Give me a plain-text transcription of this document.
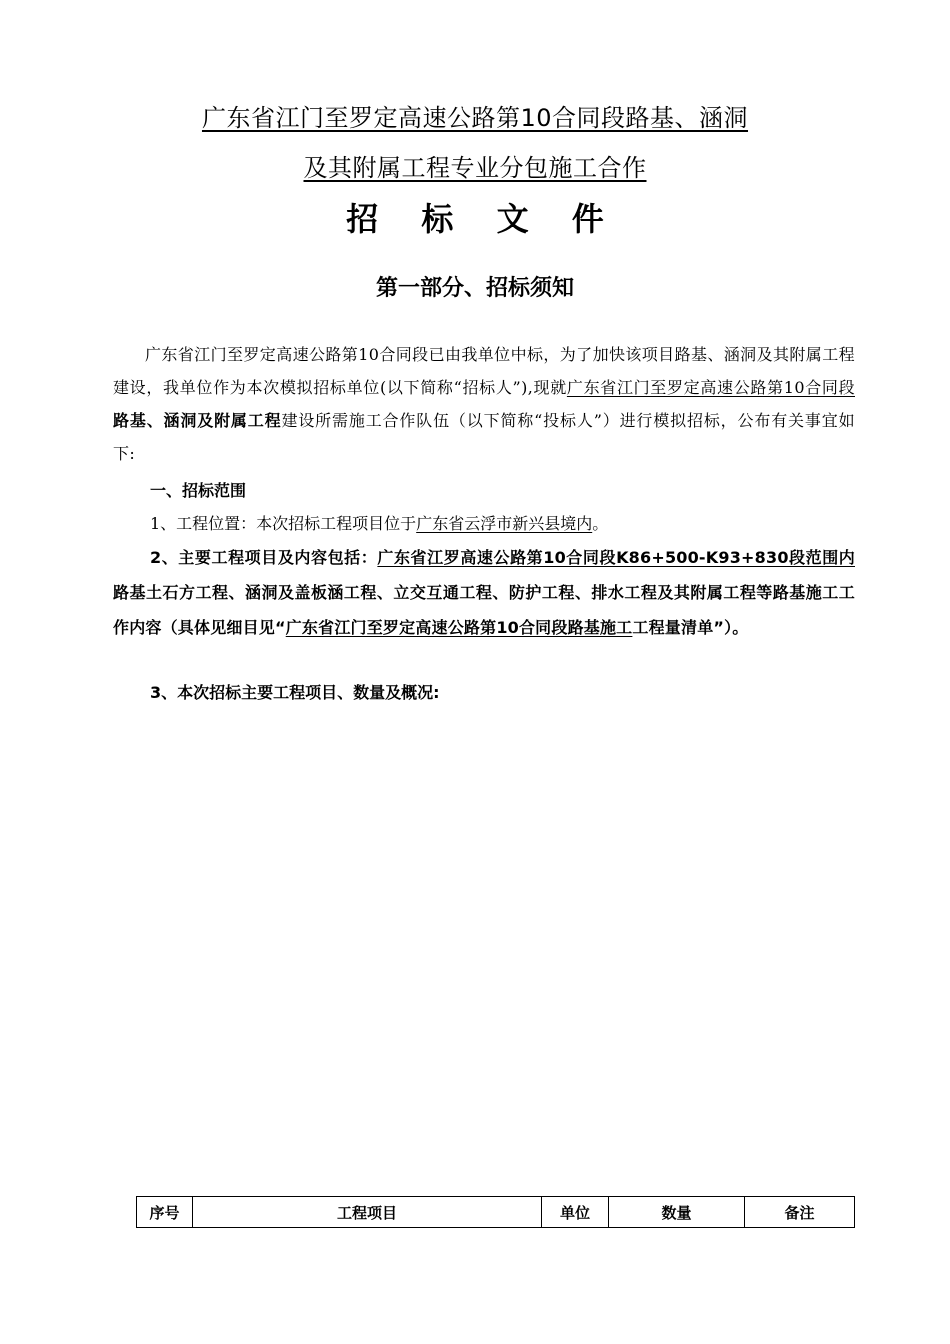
广东省江门至罗定高速公路第10合同段路基、涵洞
及其附属工程专业分包施工合作
招 标 文 件
第一部分、招标须知
广东省江门至罗定高速公路第10合同段已由我单位中标，为了加快该项目路基、涵洞及其附属工程建设，我单位作为本次模拟招标单位(以下简称“招标人”),现就广东省江门至罗定高速公路第10合同段路基、涵洞及附属工程建设所需施工合作队伍（以下简称“投标人”）进行模拟招标，公布有关事宜如下:
一、招标范围
1、工程位置：本次招标工程项目位于广东省云浮市新兴县境内。
2、主要工程项目及内容包括：广东省江罗高速公路第10合同段K86+500-K93+830段范围内路基土石方工程、涵洞及盖板涵工程、立交互通工程、防护工程、排水工程及其附属工程等路基施工工作内容（具体见细目见“广东省江门至罗定高速公路第10合同段路基施工工程量清单”）。
3、本次招标主要工程项目、数量及概况:
序号	工程项目	单位	数量	备注
